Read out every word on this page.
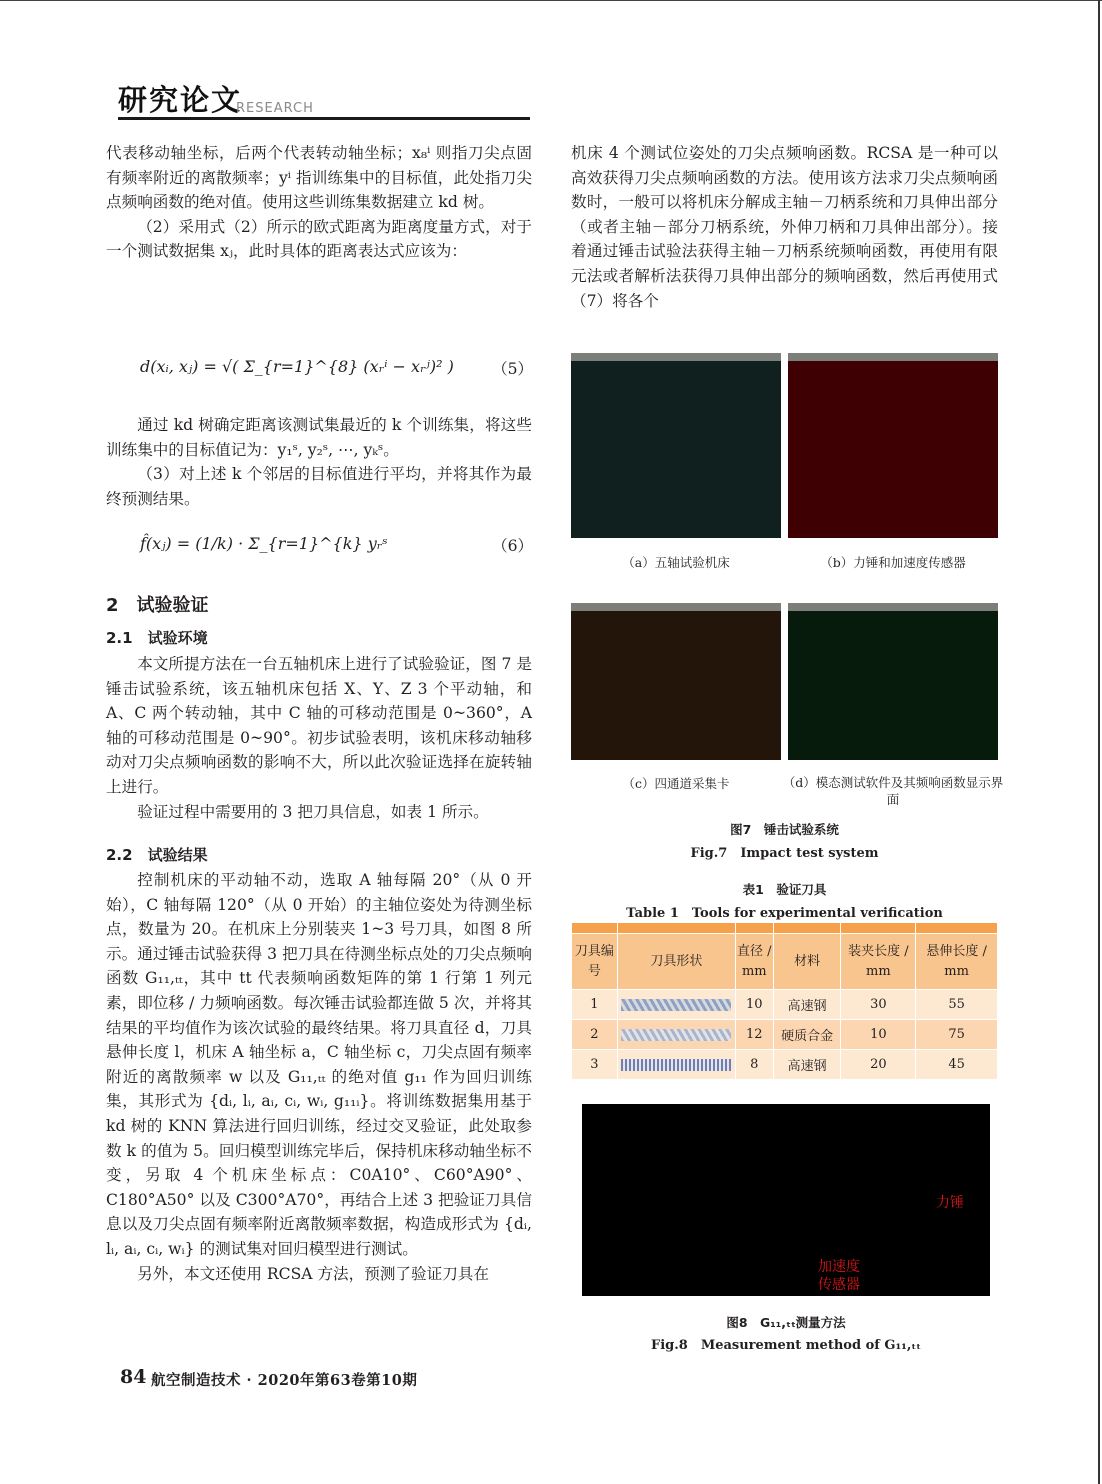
研究论文
RESEARCH

代表移动轴坐标，后两个代表转动轴坐标；x₈ⁱ 则指刀尖点固有频率附近的离散频率；yⁱ 指训练集中的目标值，此处指刀尖点频响函数的绝对值。使用这些训练集数据建立 kd 树。

（2）采用式（2）所示的欧式距离为距离度量方式，对于一个测试数据集 xⱼ，此时具体的距离表达式应该为：

d(xᵢ, xⱼ) = √( Σ_{r=1}^{8} (xᵣⁱ − xᵣʲ)² ) （5）

通过 kd 树确定距离该测试集最近的 k 个训练集，将这些训练集中的目标值记为：y₁ˢ, y₂ˢ, ⋯, yₖˢ。

（3）对上述 k 个邻居的目标值进行平均，并将其作为最终预测结果。

f̂(xⱼ) = (1/k) · Σ_{r=1}^{k} yᵣˢ	（6）
2　试验验证
2.1　试验环境

本文所提方法在一台五轴机床上进行了试验验证，图 7 是锤击试验系统，该五轴机床包括 X、Y、Z 3 个平动轴，和 A、C 两个转动轴，其中 C 轴的可移动范围是 0~360°，A 轴的可移动范围是 0~90°。初步试验表明，该机床移动轴移动对刀尖点频响函数的影响不大，所以此次验证选择在旋转轴上进行。

验证过程中需要用的 3 把刀具信息，如表 1 所示。

2.2　试验结果

控制机床的平动轴不动，选取 A 轴每隔 20°（从 0 开始），C 轴每隔 120°（从 0 开始）的主轴位姿处为待测坐标点，数量为 20。在机床上分别装夹 1~3 号刀具，如图 8 所示。通过锤击试验获得 3 把刀具在待测坐标点处的刀尖点频响函数 G₁₁,ₜₜ，其中 tt 代表频响函数矩阵的第 1 行第 1 列元素，即位移 / 力频响函数。每次锤击试验都连做 5 次，并将其结果的平均值作为该次试验的最终结果。将刀具直径 d，刀具悬伸长度 l，机床 A 轴坐标 a，C 轴坐标 c，刀尖点固有频率附近的离散频率 w 以及 G₁₁,ₜₜ 的绝对值 g₁₁ 作为回归训练集，其形式为 {dᵢ, lᵢ, aᵢ, cᵢ, wᵢ, g₁₁ᵢ}。将训练数据集用基于 kd 树的 KNN 算法进行回归训练，经过交叉验证，此处取参数 k 的值为 5。回归模型训练完毕后，保持机床移动轴坐标不变，另取 4 个机床坐标点：C0A10°、C60°A90°、C180°A50° 以及 C300°A70°，再结合上述 3 把验证刀具信息以及刀尖点固有频率附近离散频率数据，构造成形式为 {dᵢ, lᵢ, aᵢ, cᵢ, wᵢ} 的测试集对回归模型进行测试。

另外，本文还使用 RCSA 方法，预测了验证刀具在

机床 4 个测试位姿处的刀尖点频响函数。RCSA 是一种可以高效获得刀尖点频响函数的方法。使用该方法求刀尖点频响函数时，一般可以将机床分解成主轴－刀柄系统和刀具伸出部分（或者主轴－部分刀柄系统，外伸刀柄和刀具伸出部分）。接着通过锤击试验法获得主轴－刀柄系统频响函数，再使用有限元法或者解析法获得刀具伸出部分的频响函数，然后再使用式（7）将各个

（a）五轴试验机床	（b）力锤和加速度传感器
（c）四通道采集卡	（d）模态测试软件及其频响函数显示界面
图7　锤击试验系统
Fig.7　Impact test system
表1　验证刀具
Table 1　Tools for experimental verification

刀具编号	刀具形状	直径 / mm	材料	装夹长度 / mm	悬伸长度 / mm
1		10	高速钢	30	55
2		12	硬质合金	10	75
3		8	高速钢	20	45
力锤
加速度传感器
图8　G₁₁,ₜₜ测量方法
Fig.8　Measurement method of G₁₁,ₜₜ
84 航空制造技术 · 2020年第63卷第10期
